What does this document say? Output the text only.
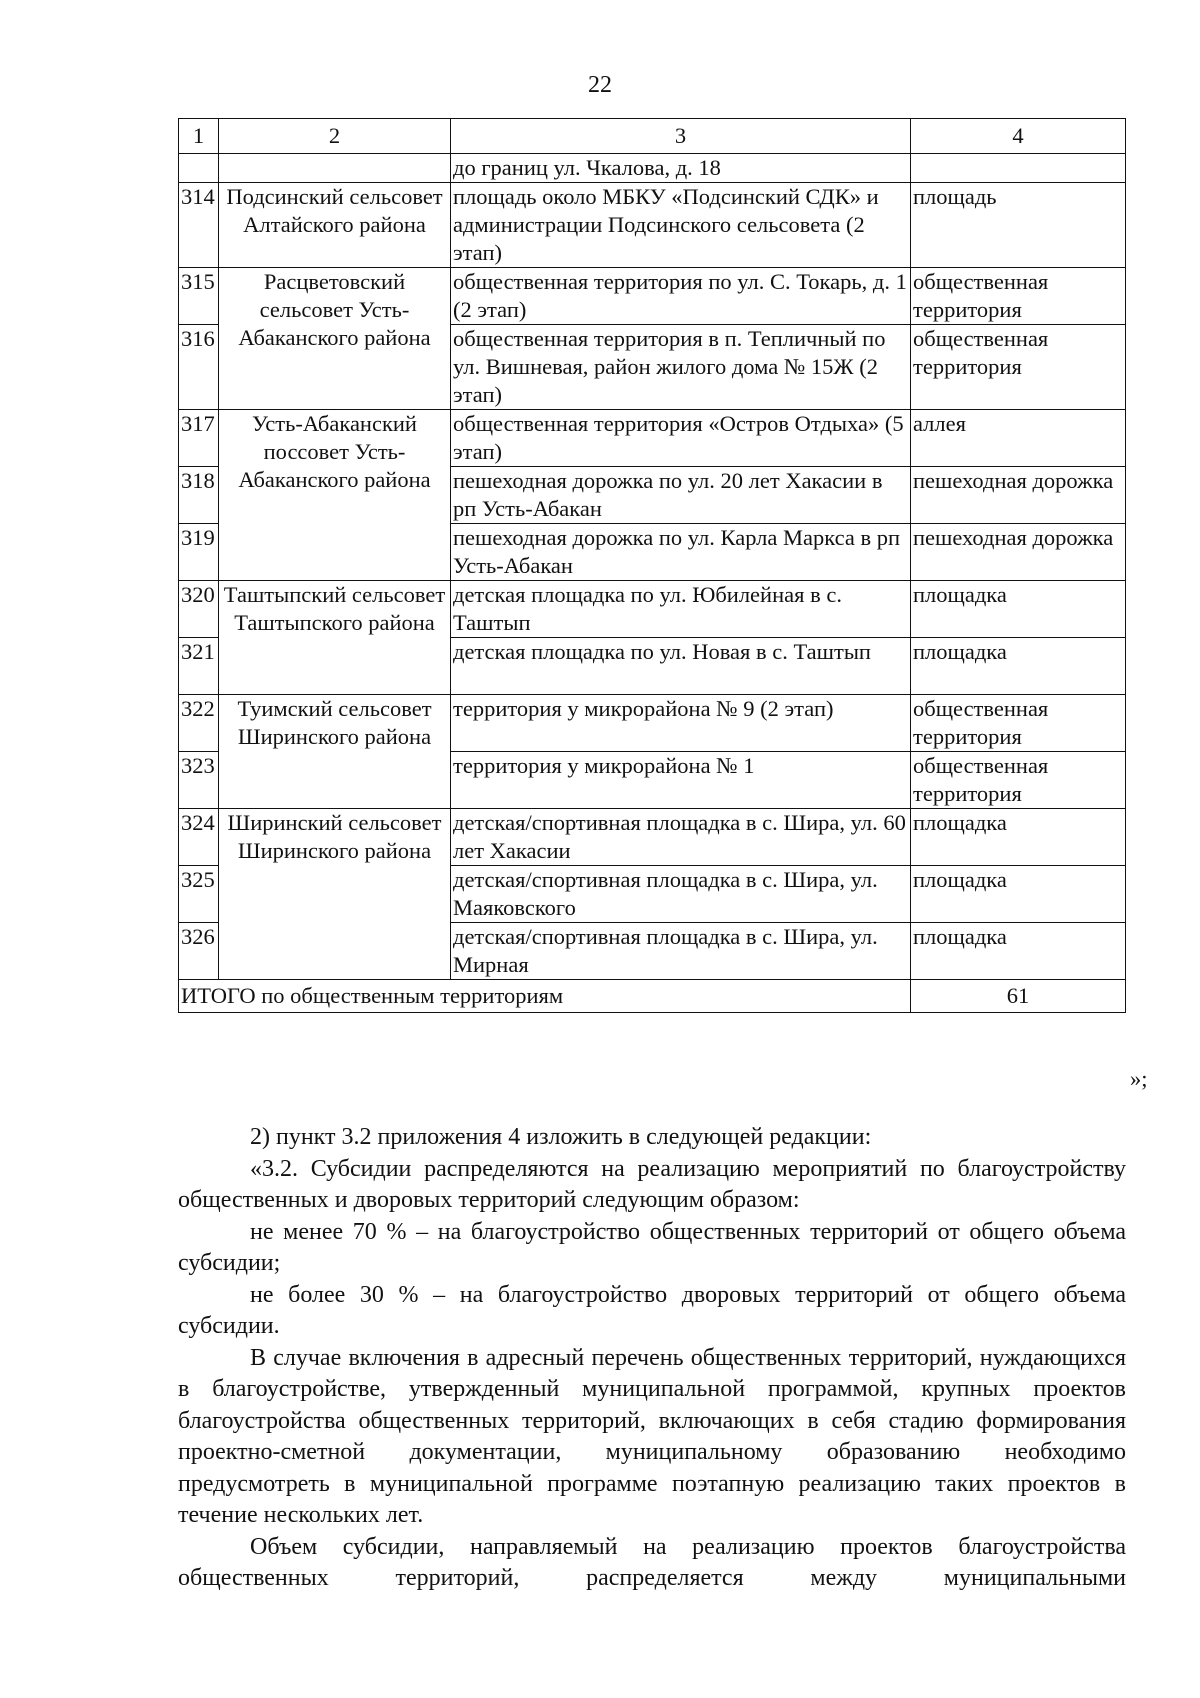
22
1	2	3	4
		до границ ул. Чкалова, д. 18	
314	Подсинский сельсовет Алтайского района	площадь около МБКУ «Подсинский СДК» и администрации Подсинского сельсовета (2 этап)	площадь
315	Расцветовский сельсовет Усть-Абаканского района	общественная территория по ул. С. Токарь, д. 1 (2 этап)	общественная территория
316		общественная территория в п. Тепличный по ул. Вишневая, район жилого дома № 15Ж (2 этап)	общественная территория
317	Усть-Абаканский поссовет Усть-Абаканского района	общественная территория «Остров Отдыха» (5 этап)	аллея
318		пешеходная дорожка по ул. 20 лет Хакасии в рп Усть-Абакан	пешеходная дорожка
319		пешеходная дорожка по ул. Карла Маркса в рп Усть-Абакан	пешеходная дорожка
320	Таштыпский сельсовет Таштыпского района	детская площадка по ул. Юбилейная в с. Таштып	площадка
321		детская площадка по ул. Новая в с. Таштып	площадка
322	Туимский сельсовет Ширинского района	территория у микрорайона № 9 (2 этап)	общественная территория
323		территория у микрорайона № 1	общественная территория
324	Ширинский сельсовет Ширинского района	детская/спортивная площадка в с. Шира, ул. 60 лет Хакасии	площадка
325		детская/спортивная площадка в с. Шира, ул. Маяковского	площадка
326		детская/спортивная площадка в с. Шира, ул. Мирная	площадка
ИТОГО по общественным территориям			61
»;

2) пункт 3.2 приложения 4 изложить в следующей редакции:

«3.2. Субсидии распределяются на реализацию мероприятий по благоустройству общественных и дворовых территорий следующим образом:

не менее 70 % – на благоустройство общественных территорий от общего объема субсидии;

не более 30 % – на благоустройство дворовых территорий от общего объема субсидии.

В случае включения в адресный перечень общественных территорий, нуждающихся в благоустройстве, утвержденный муниципальной программой, крупных проектов благоустройства общественных территорий, включающих в себя стадию формирования проектно-сметной документации, муниципальному образованию необходимо предусмотреть в муниципальной программе поэтапную реализацию таких проектов в течение нескольких лет.

Объем субсидии, направляемый на реализацию проектов благоустройства общественных территорий, распределяется между муниципальными
